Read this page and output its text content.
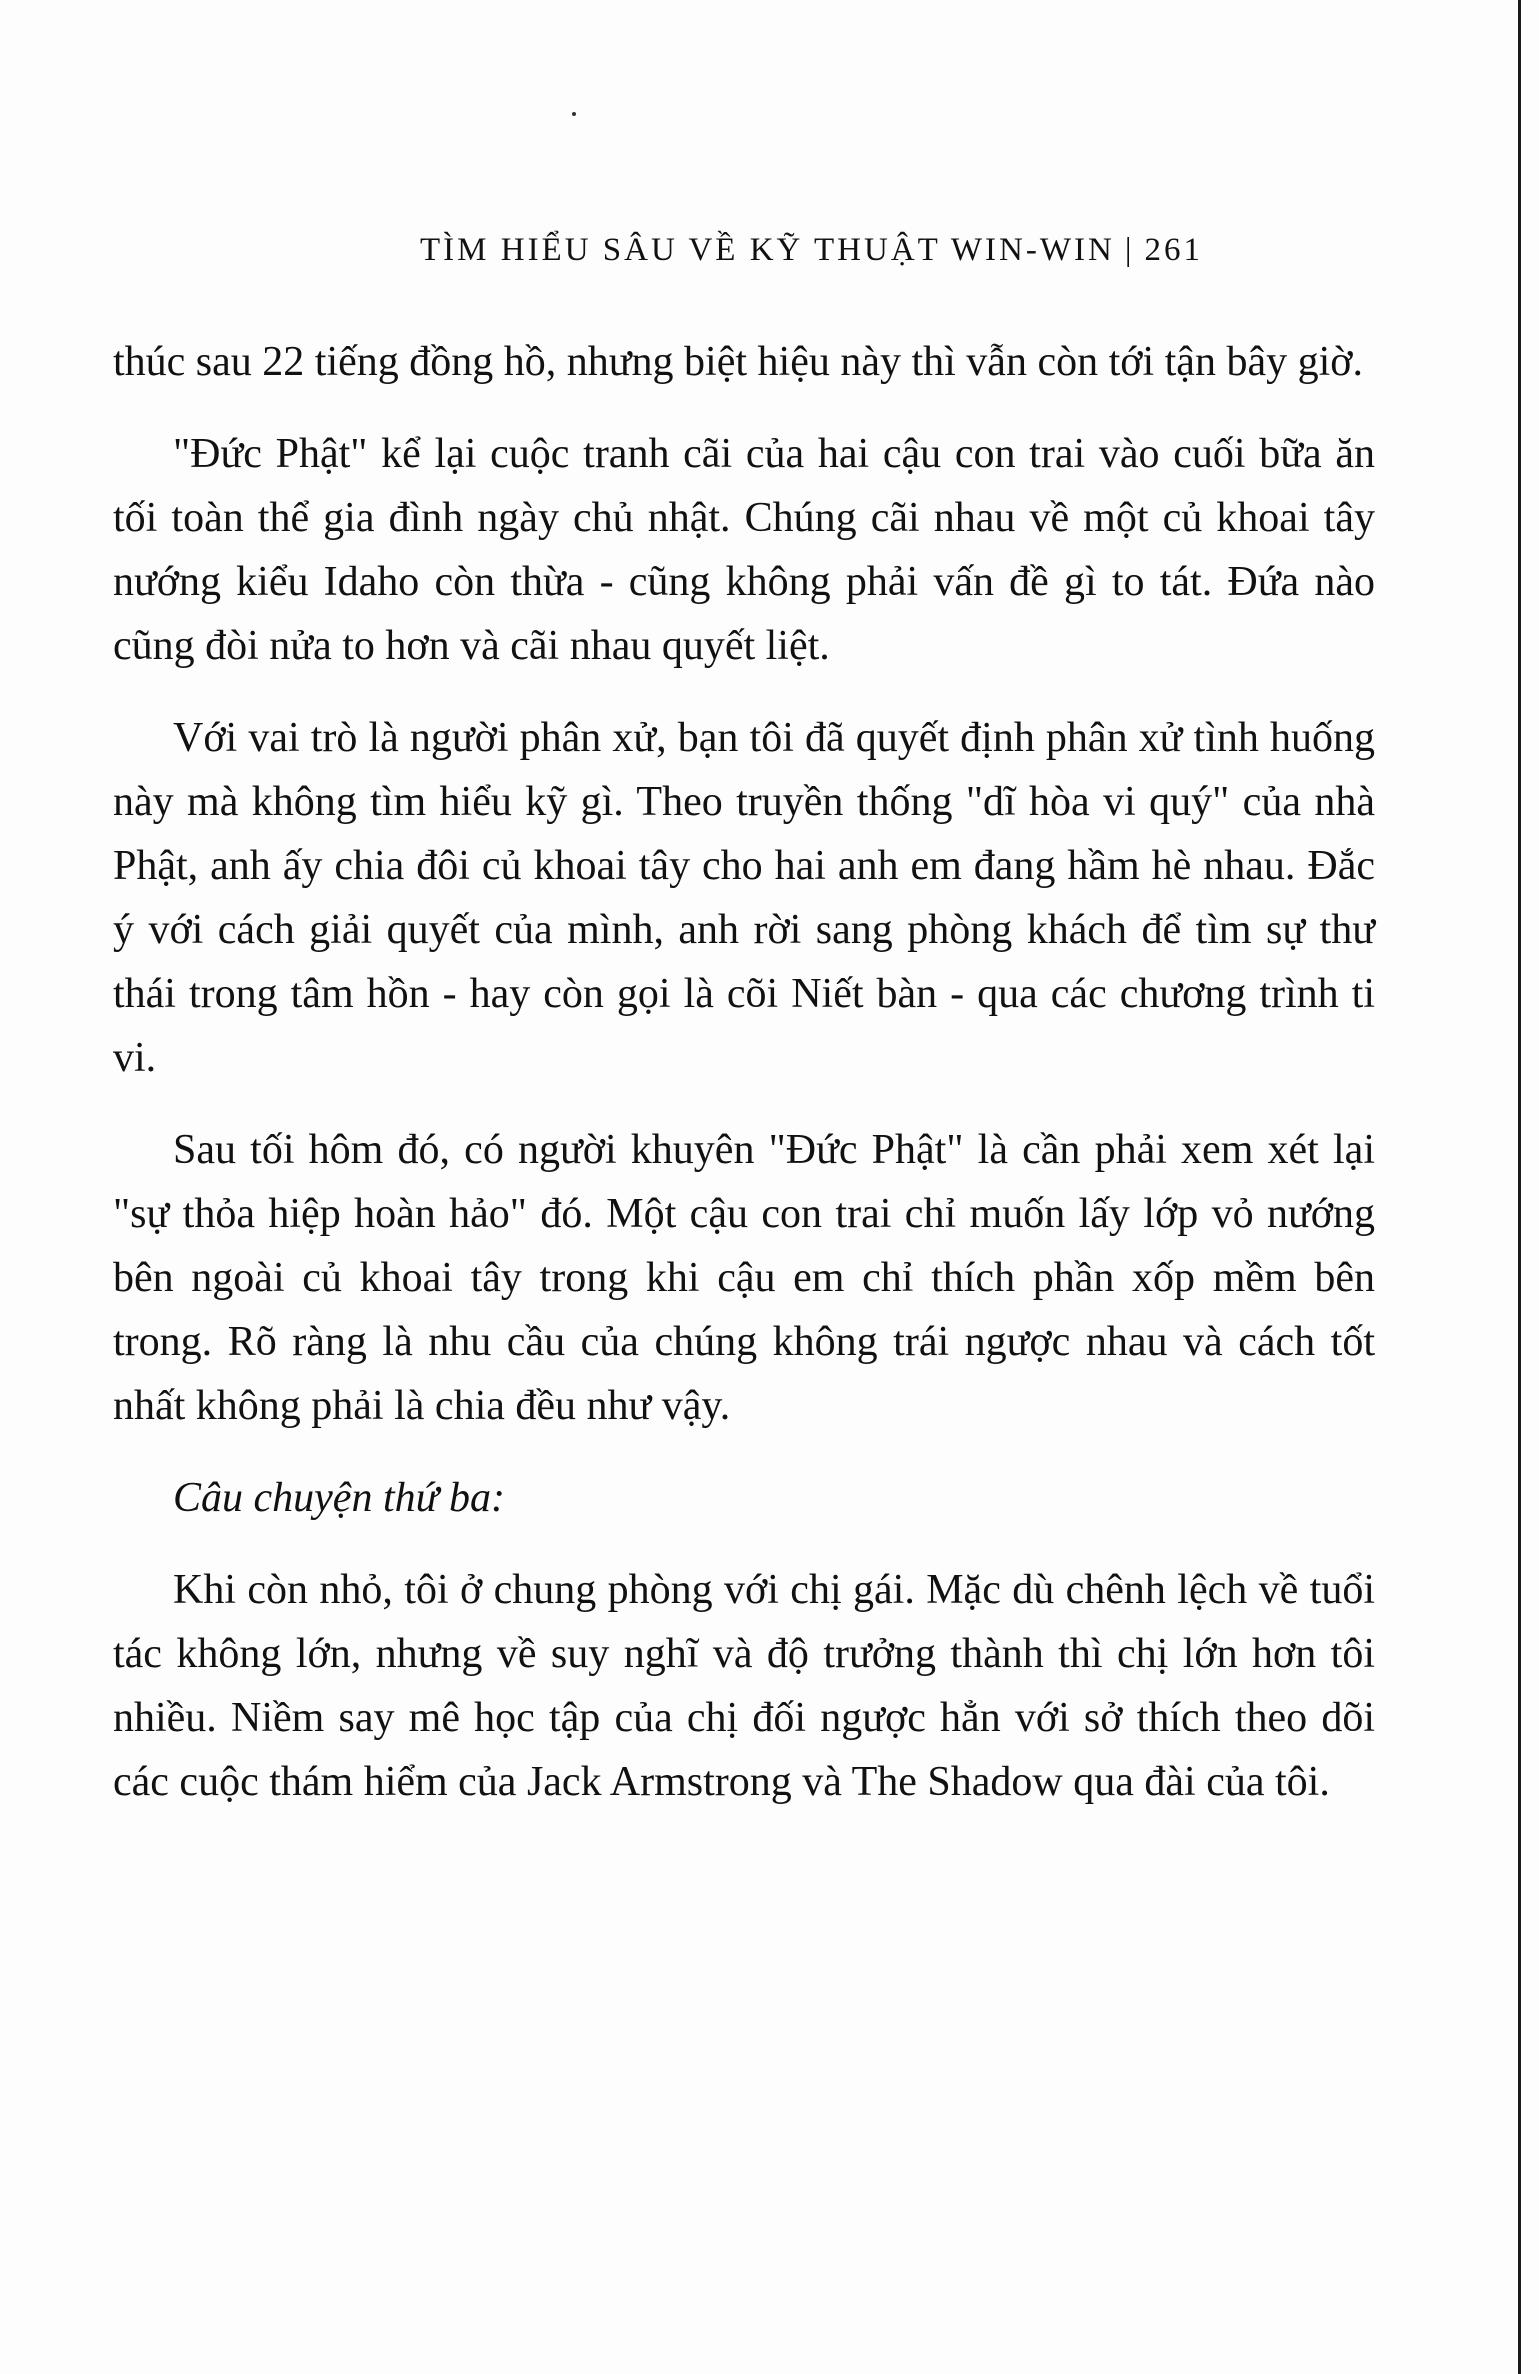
TÌM HIỂU SÂU VỀ KỸ THUẬT WIN-WIN | 261

thúc sau 22 tiếng đồng hồ, nhưng biệt hiệu này thì vẫn còn tới tận bây giờ.

"Đức Phật" kể lại cuộc tranh cãi của hai cậu con trai vào cuối bữa ăn tối toàn thể gia đình ngày chủ nhật. Chúng cãi nhau về một củ khoai tây nướng kiểu Idaho còn thừa - cũng không phải vấn đề gì to tát. Đứa nào cũng đòi nửa to hơn và cãi nhau quyết liệt.

Với vai trò là người phân xử, bạn tôi đã quyết định phân xử tình huống này mà không tìm hiểu kỹ gì. Theo truyền thống "dĩ hòa vi quý" của nhà Phật, anh ấy chia đôi củ khoai tây cho hai anh em đang hầm hè nhau. Đắc ý với cách giải quyết của mình, anh rời sang phòng khách để tìm sự thư thái trong tâm hồn - hay còn gọi là cõi Niết bàn - qua các chương trình ti vi.

Sau tối hôm đó, có người khuyên "Đức Phật" là cần phải xem xét lại "sự thỏa hiệp hoàn hảo" đó. Một cậu con trai chỉ muốn lấy lớp vỏ nướng bên ngoài củ khoai tây trong khi cậu em chỉ thích phần xốp mềm bên trong. Rõ ràng là nhu cầu của chúng không trái ngược nhau và cách tốt nhất không phải là chia đều như vậy.

Câu chuyện thứ ba:

Khi còn nhỏ, tôi ở chung phòng với chị gái. Mặc dù chênh lệch về tuổi tác không lớn, nhưng về suy nghĩ và độ trưởng thành thì chị lớn hơn tôi nhiều. Niềm say mê học tập của chị đối ngược hẳn với sở thích theo dõi các cuộc thám hiểm của Jack Armstrong và The Shadow qua đài của tôi.
